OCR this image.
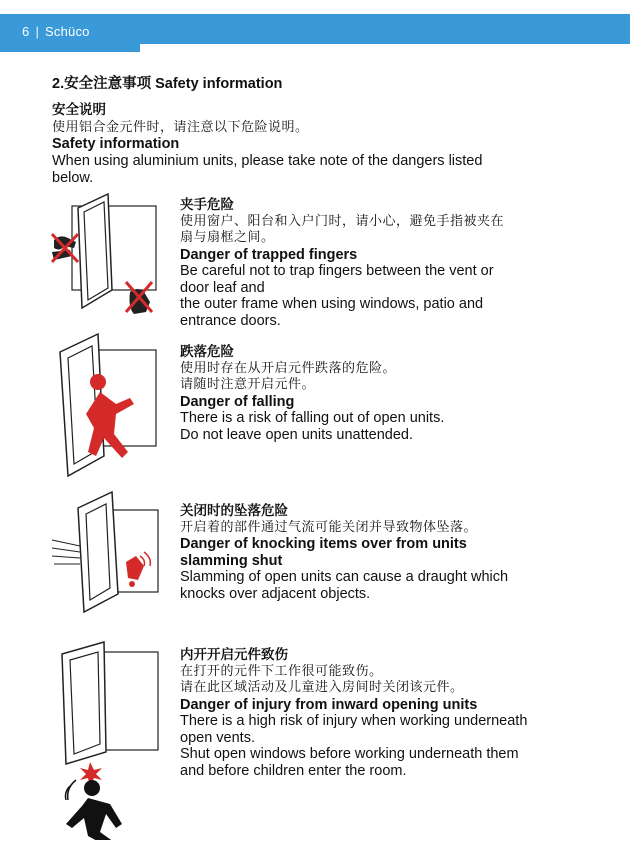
6 | Schüco
2.安全注意事项 Safety information
安全说明
使用铝合金元件时，请注意以下危险说明。
Safety information
When using aluminium units, please take note of the dangers listed
below.
夹手危险
使用窗户、阳台和入户门时，请小心，避免手指被夹在
扇与扇框之间。
Danger of trapped fingers
Be careful not to trap fingers between the vent or
door leaf and
the outer frame when using windows, patio and
entrance doors.
跌落危险
使用时存在从开启元件跌落的危险。
请随时注意开启元件。
Danger of falling
There is a risk of falling out of open units.
Do not leave open units unattended.
关闭时的坠落危险
开启着的部件通过气流可能关闭并导致物体坠落。
Danger of knocking items over from units
slamming shut
Slamming of open units can cause a draught which
knocks over adjacent objects.
内开开启元件致伤
在打开的元件下工作很可能致伤。
请在此区域活动及儿童进入房间时关闭该元件。
Danger of injury from inward opening units
There is a high risk of injury when working underneath
open vents.
Shut open windows before working underneath them
and before children enter the room.
